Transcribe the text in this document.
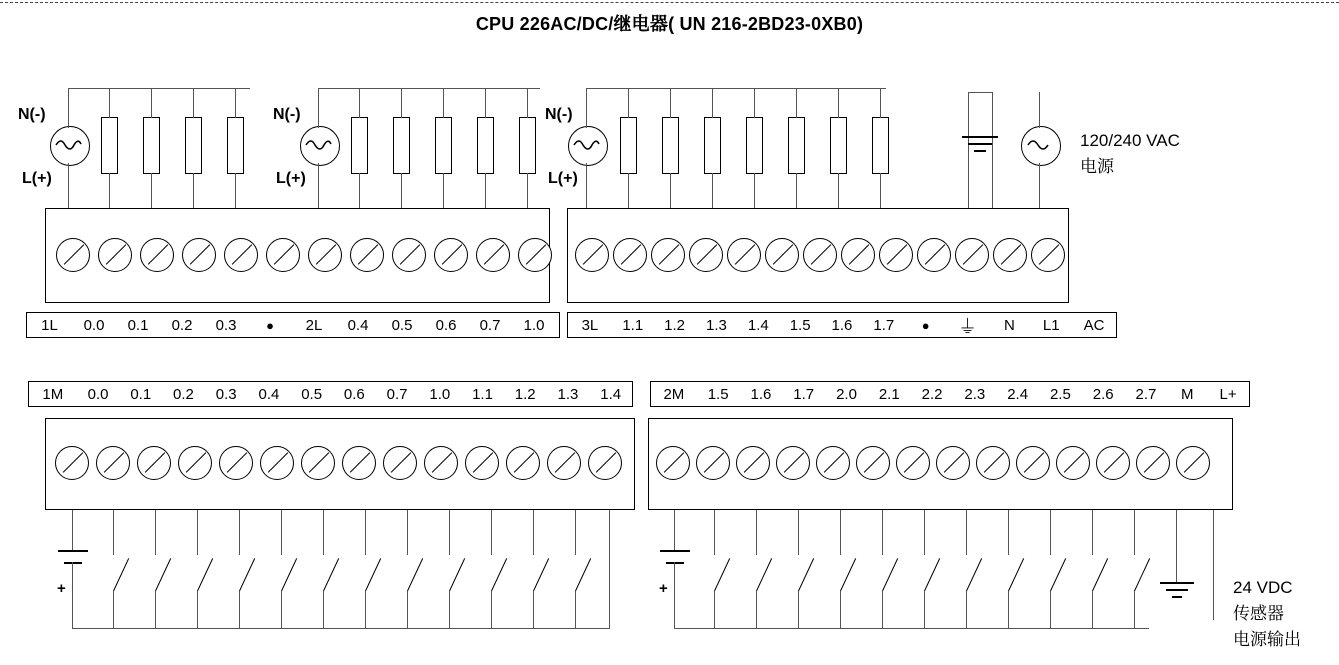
CPU 226AC/DC/继电器( UN 216-2BD23-0XB0)
N(-)
L(+)
N(-)
L(+)
N(-)
L(+)
120/240 VAC
电源
1L	0.0	0.1	0.2	0.3	●	2L	0.4	0.5	0.6	0.7	1.0	3L	1.1	1.2	1.3	1.4	1.5	1.6	1.7	●	⏚	N	L1	AC
1M	0.0	0.1	0.2	0.3	0.4	0.5	0.6	0.7	1.0	1.1	1.2	1.3	1.4	2M	1.5	1.6	1.7	2.0	2.1	2.2	2.3	2.4	2.5	2.6	2.7	M	L+
+	+	24 VDC
传感器
电源输出
